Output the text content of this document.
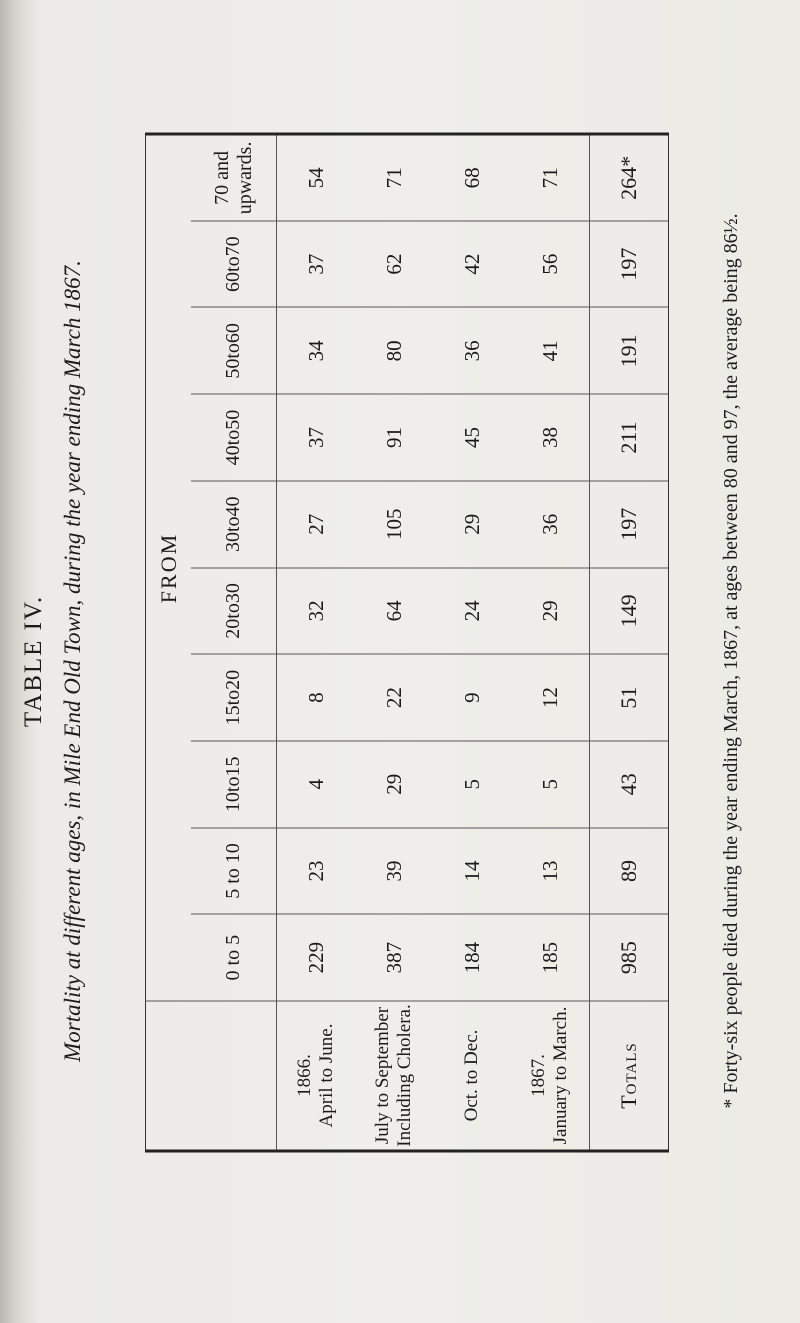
TABLE IV. Mortality at different ages, in Mile End Old Town, during the year ending March 1867.
		FROM									
	0 to 5	5 to 10	10to15	15to20	20to30	30to40	40to50	50to60	60to70	70 and upwards.

1866. April to June.	229	23	4	8	32	27	37	34	37	54

July to September Including Cholera.	387	39	29	22	64	105	91	80	62	71

Oct. to Dec.	184	14	5	9	24	29	45	36	42	68

1867. January to March.	185	13	5	12	29	36	38	41	56	71
Totals	985	89	43	51	149	197	211	191	197	264*
* Forty-six people died during the year ending March, 1867, at ages between 80 and 97, the average being 86½.
